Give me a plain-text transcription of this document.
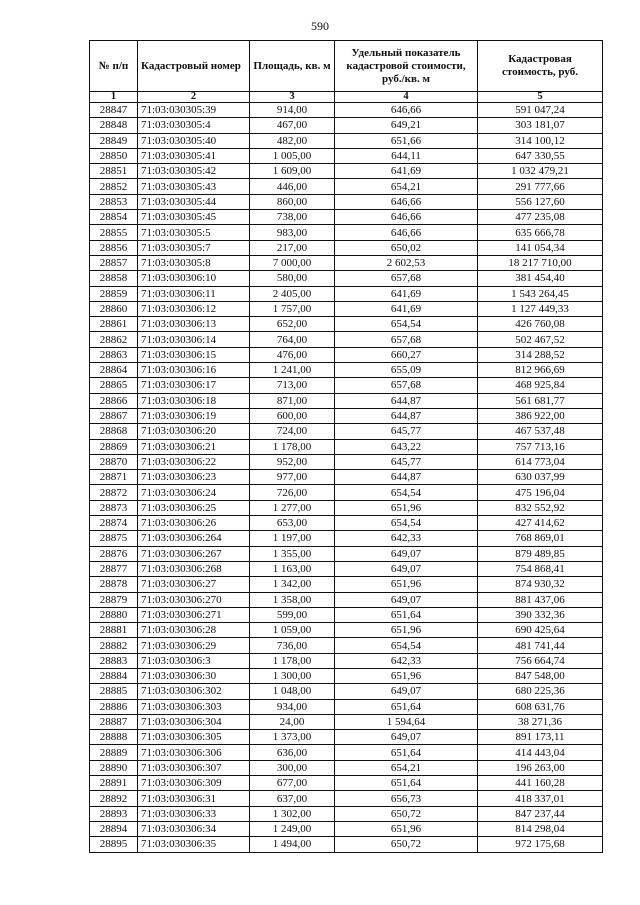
590
№ п/п	Кадастровый номер	Площадь, кв. м	Удельный показатель кадастровой стоимости, руб./кв. м	Кадастровая стоимость, руб.
1	2	3	4	5
28847	71:03:030305:39	914,00	646,66	591 047,24
28848	71:03:030305:4	467,00	649,21	303 181,07
28849	71:03:030305:40	482,00	651,66	314 100,12
28850	71:03:030305:41	1 005,00	644,11	647 330,55
28851	71:03:030305:42	1 609,00	641,69	1 032 479,21
28852	71:03:030305:43	446,00	654,21	291 777,66
28853	71:03:030305:44	860,00	646,66	556 127,60
28854	71:03:030305:45	738,00	646,66	477 235,08
28855	71:03:030305:5	983,00	646,66	635 666,78
28856	71:03:030305:7	217,00	650,02	141 054,34
28857	71:03:030305:8	7 000,00	2 602,53	18 217 710,00
28858	71:03:030306:10	580,00	657,68	381 454,40
28859	71:03:030306:11	2 405,00	641,69	1 543 264,45
28860	71:03:030306:12	1 757,00	641,69	1 127 449,33
28861	71:03:030306:13	652,00	654,54	426 760,08
28862	71:03:030306:14	764,00	657,68	502 467,52
28863	71:03:030306:15	476,00	660,27	314 288,52
28864	71:03:030306:16	1 241,00	655,09	812 966,69
28865	71:03:030306:17	713,00	657,68	468 925,84
28866	71:03:030306:18	871,00	644,87	561 681,77
28867	71:03:030306:19	600,00	644,87	386 922,00
28868	71:03:030306:20	724,00	645,77	467 537,48
28869	71:03:030306:21	1 178,00	643,22	757 713,16
28870	71:03:030306:22	952,00	645,77	614 773,04
28871	71:03:030306:23	977,00	644,87	630 037,99
28872	71:03:030306:24	726,00	654,54	475 196,04
28873	71:03:030306:25	1 277,00	651,96	832 552,92
28874	71:03:030306:26	653,00	654,54	427 414,62
28875	71:03:030306:264	1 197,00	642,33	768 869,01
28876	71:03:030306:267	1 355,00	649,07	879 489,85
28877	71:03:030306:268	1 163,00	649,07	754 868,41
28878	71:03:030306:27	1 342,00	651,96	874 930,32
28879	71:03:030306:270	1 358,00	649,07	881 437,06
28880	71:03:030306:271	599,00	651,64	390 332,36
28881	71:03:030306:28	1 059,00	651,96	690 425,64
28882	71:03:030306:29	736,00	654,54	481 741,44
28883	71:03:030306:3	1 178,00	642,33	756 664,74
28884	71:03:030306:30	1 300,00	651,96	847 548,00
28885	71:03:030306:302	1 048,00	649,07	680 225,36
28886	71:03:030306:303	934,00	651,64	608 631,76
28887	71:03:030306:304	24,00	1 594,64	38 271,36
28888	71:03:030306:305	1 373,00	649,07	891 173,11
28889	71:03:030306:306	636,00	651,64	414 443,04
28890	71:03:030306:307	300,00	654,21	196 263,00
28891	71:03:030306:309	677,00	651,64	441 160,28
28892	71:03:030306:31	637,00	656,73	418 337,01
28893	71:03:030306:33	1 302,00	650,72	847 237,44
28894	71:03:030306:34	1 249,00	651,96	814 298,04
28895	71:03:030306:35	1 494,00	650,72	972 175,68
